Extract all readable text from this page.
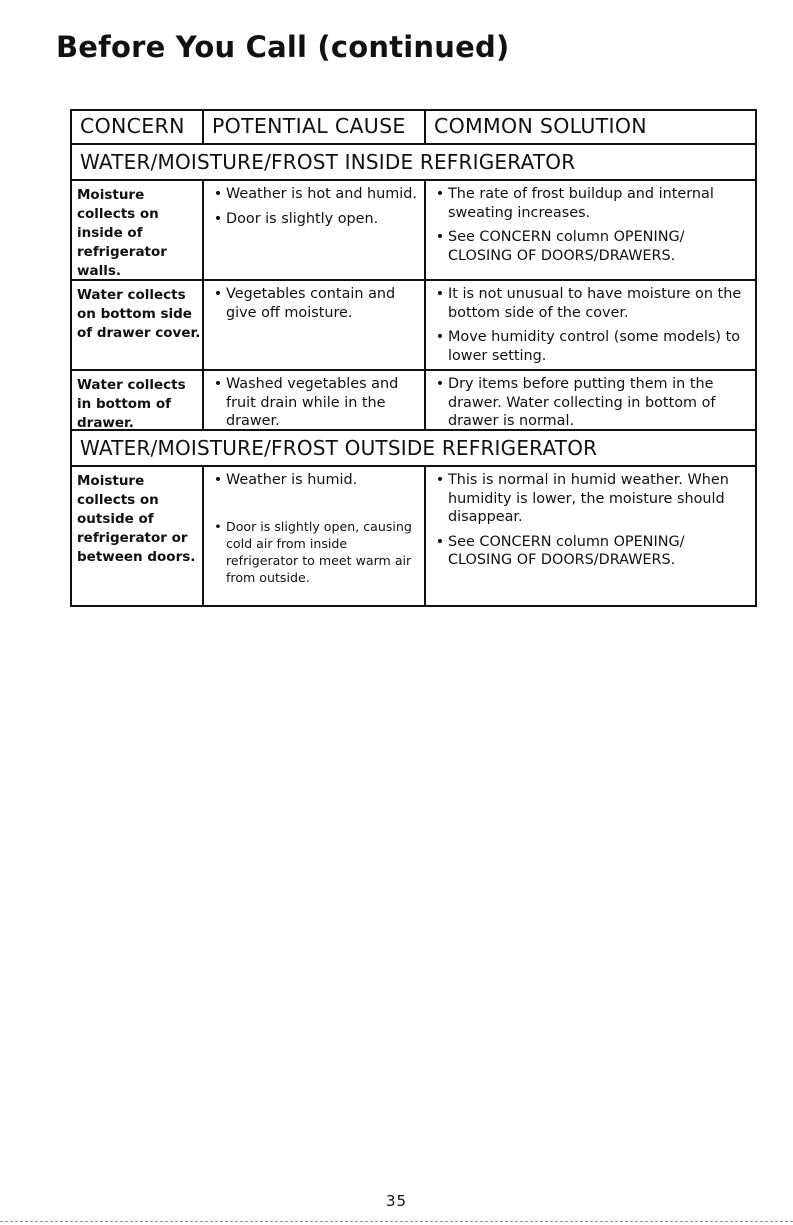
Before You Call (continued)
CONCERN	POTENTIAL CAUSE	COMMON SOLUTION
WATER/MOISTURE/FROST INSIDE REFRIGERATOR
Moisture collects on inside of refrigerator walls.
• Weather is hot and humid.
• Door is slightly open.
• The rate of frost buildup and internal sweating increases.
• See CONCERN column OPENING/ CLOSING OF DOORS/DRAWERS.
Water collects on bottom side of drawer cover.
• Vegetables contain and give off moisture.
• It is not unusual to have moisture on the bottom side of the cover.
• Move humidity control (some models) to lower setting.
Water collects in bottom of drawer.
• Washed vegetables and fruit drain while in the drawer.
• Dry items before putting them in the drawer. Water collecting in bottom of drawer is normal.
WATER/MOISTURE/FROST OUTSIDE REFRIGERATOR
Moisture collects on outside of refrigerator or between doors.
• Weather is humid.
• Door is slightly open, causing cold air from inside refrigerator to meet warm air from outside.
• This is normal in humid weather. When humidity is lower, the moisture should disappear.
• See CONCERN column OPENING/ CLOSING OF DOORS/DRAWERS.
35
